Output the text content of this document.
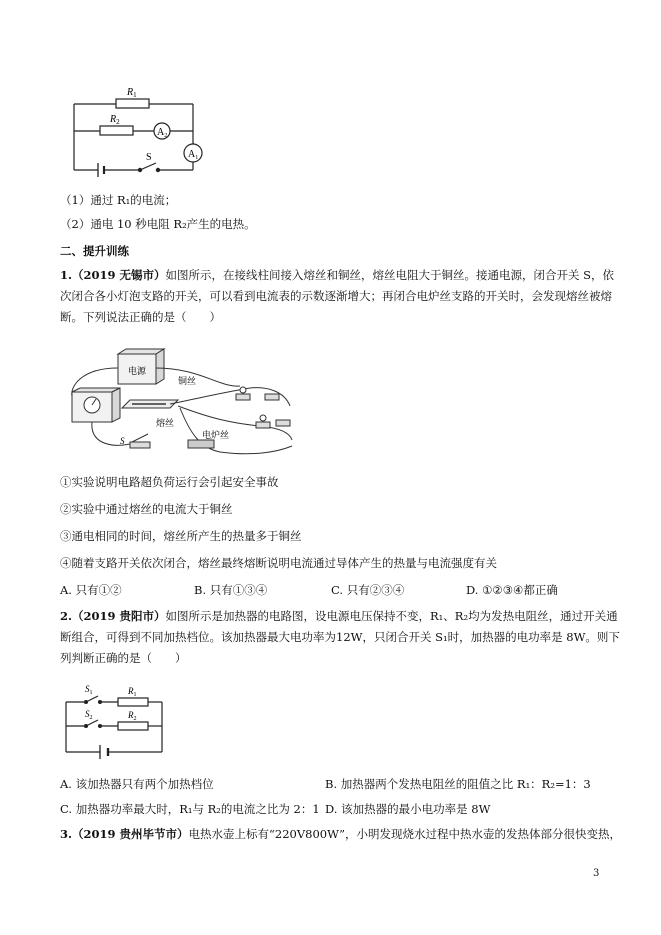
$R_1$
$R_2$
$A_2$
$A_1$
S
（1）通过 R₁的电流；
（2）通电 10 秒电阻 R₂产生的电热。
二、提升训练
1.（2019 无锡市）如图所示，在接线柱间接入熔丝和铜丝，熔丝电阻大于铜丝。接通电源，闭合开关 S，依次闭合各小灯泡支路的开关，可以看到电流表的示数逐渐增大；再闭合电炉丝支路的开关时，会发现熔丝被熔断。下列说法正确的是（　　）
电源
铜丝
熔丝
电炉丝
S
①实验说明电路超负荷运行会引起安全事故
②实验中通过熔丝的电流大于铜丝
③通电相同的时间，熔丝所产生的热量多于铜丝
④随着支路开关依次闭合，熔丝最终熔断说明电流通过导体产生的热量与电流强度有关
A. 只有①②	B. 只有①③④	C. 只有②③④	D. ①②③④都正确
2.（2019 贵阳市）如图所示是加热器的电路图，设电源电压保持不变，R₁、R₂均为发热电阻丝，通过开关通断组合，可得到不同加热档位。该加热器最大电功率为12W，只闭合开关 S₁时，加热器的电功率是 8W。则下列判断正确的是（　　）
$S_1$
$S_2$
$R_1$
$R_2$
A. 该加热器只有两个加热档位	B. 加热器两个发热电阻丝的阻值之比 R₁：R₂=1：3
C. 加热器功率最大时，R₁与 R₂的电流之比为 2：1 D. 该加热器的最小电功率是 8W
3.（2019 贵州毕节市）电热水壶上标有“220V800W”，小明发现烧水过程中热水壶的发热体部分很快变热，
3
